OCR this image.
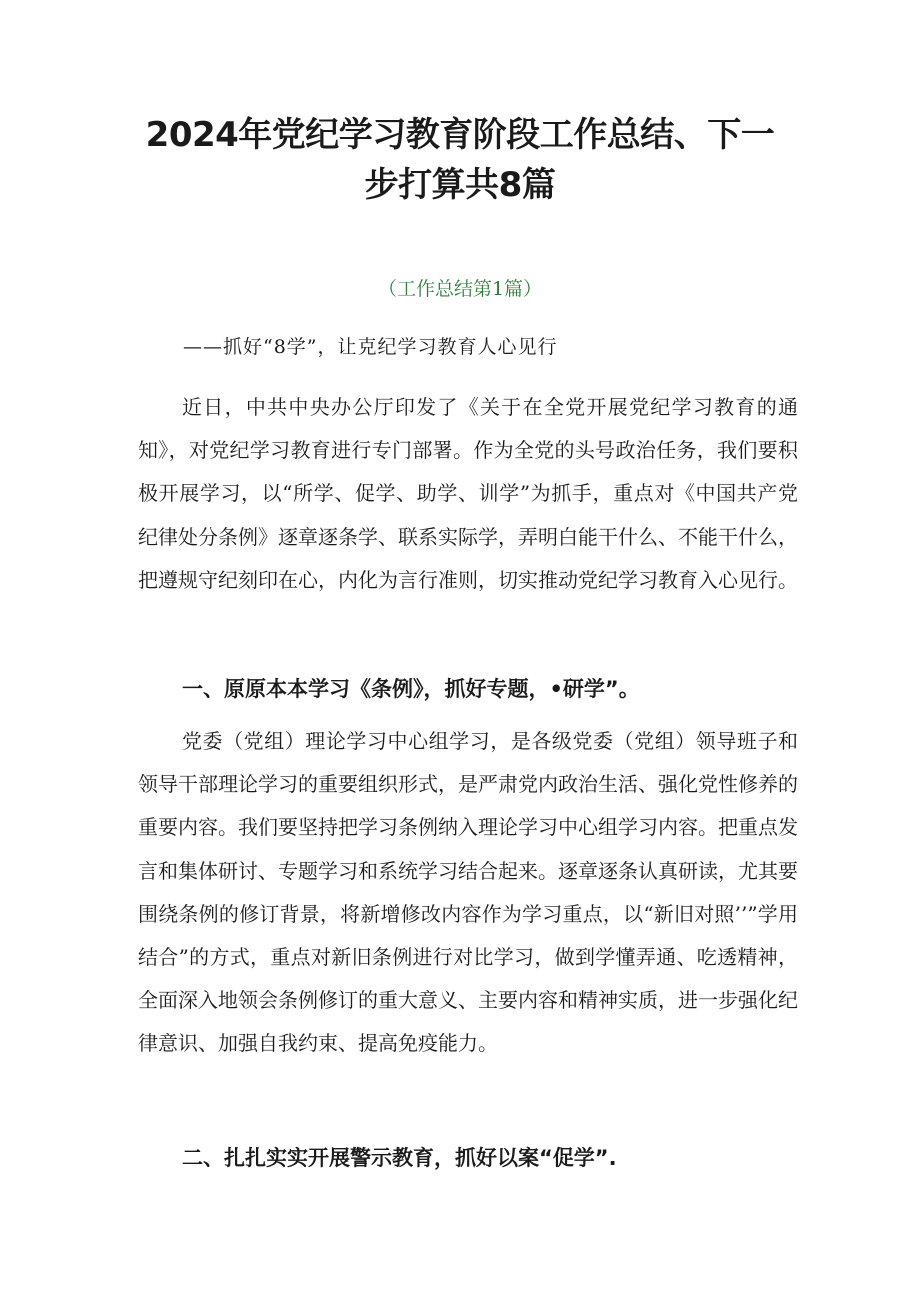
2024年党纪学习教育阶段工作总结、下一
步打算共8篇
（工作总结第1篇）
——抓好“8学”，让克纪学习教育人心见行

近日，中共中央办公厅印发了《关于在全党开展党纪学习教育的通知》，对党纪学习教育进行专门部署。作为全党的头号政治任务，我们要积极开展学习，以“所学、促学、助学、训学”为抓手，重点对《中国共产党纪律处分条例》逐章逐条学、联系实际学，弄明白能干什么、不能干什么，把遵规守纪刻印在心，内化为言行准则，切实推动党纪学习教育入心见行。

一、原原本本学习《条例》，抓好专题，•研学”。

党委（党组）理论学习中心组学习，是各级党委（党组）领导班子和领导干部理论学习的重要组织形式，是严肃党内政治生活、强化党性修养的重要内容。我们要坚持把学习条例纳入理论学习中心组学习内容。把重点发言和集体研讨、专题学习和系统学习结合起来。逐章逐条认真研读，尤其要围绕条例的修订背景，将新增修改内容作为学习重点，以“新旧对照’’”学用结合”的方式，重点对新旧条例进行对比学习，做到学懂弄通、吃透精神，全面深入地领会条例修订的重大意义、主要内容和精神实质，进一步强化纪律意识、加强自我约束、提高免疫能力。

二、扎扎实实开展警示教育，抓好以案“促学”.
